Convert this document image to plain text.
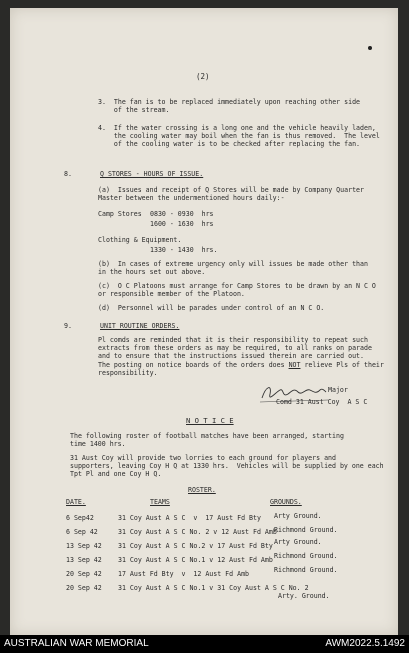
(2)
3.  The fan is to be replaced immediately upon reaching other side
of the stream.
4.  If the water crossing is a long one and the vehicle heavily laden,
the cooling water may boil when the fan is thus removed.  The level
of the cooling water is to be checked after replacing the fan.
8.	Q STORES - HOURS OF ISSUE.
(a)  Issues and receipt of Q Stores will be made by Company Quarter
Master between the undermentioned hours daily:-
Camp Stores 0830 - 0930  hrs
1600 - 1630  hrs
Clothing & Equipment.
1330 - 1430  hrs.
(b)  In cases of extreme urgency only will issues be made other than
in the hours set out above.
(c)  O C Platoons must arrange for Camp Stores to be drawn by an N C O
or responsible member of the Platoon.
(d)  Personnel will be parades under control of an N C O.
9.	UNIT ROUTINE ORDERS.
Pl comds are reminded that it is their responsibility to repeat such
extracts from these orders as may be required, to all ranks on parade
and to ensure that the instructions issued therein are carried out.
The posting on notice boards of the orders does NOT relieve Pls of their
responsibility.
Major
Comd 31 Aust Coy  A S C
N O T I C E
The following roster of football matches have been arranged, starting
time 1400 hrs.
31 Aust Coy will provide two lorries to each ground for players and
supporters, leaving Coy H Q at 1330 hrs.  Vehicles will be supplied by one each
Tpt Pl and one Coy H Q.
ROSTER.
DATE.	TEAMS	GROUNDS.
6 Sep42	31 Coy Aust A S C  v  17 Aust Fd Bty Arty Ground.
6 Sep 42	31 Coy Aust A S C No. 2 v 12 Aust Fd Amb
Richmond Ground.
13 Sep 42 31 Coy Aust A S C No.2 v 17 Aust Fd Bty Arty Ground.
13 Sep 42 31 Coy Aust A S C No.1 v 12 Aust Fd Amb Richmond Ground.
20 Sep 42 17 Aust Fd Bty  v  12 Aust Fd Amb	Richmond Ground.
20 Sep 42 31 Coy Aust A S C No.1 v 31 Coy Aust A S C No. 2
Arty. Ground.
AUSTRALIAN WAR MEMORIAL	AWM2022.5.1492
